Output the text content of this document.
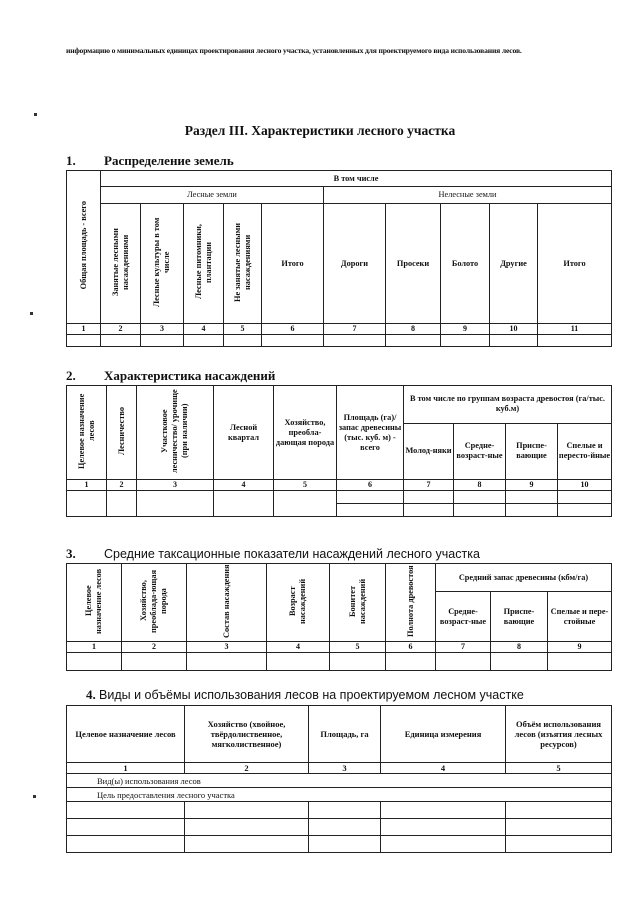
информацию о минимальных единицах проектирования лесного участка, установленных для проектируемого вида использования лесов.
Раздел III. Характеристики лесного участка
1. Распределение земель
Общая площадь - всего	В том числе									
	Лесные земли					Нелесные земли				
	Занятые лесными насаждениями	Лесные культуры в том числе	Лесные питомники, плантации	Не занятые лесными насаждениями	Итого	Дороги	Просеки	Болото	Другие	Итого
1	2	3	4	5	6	7	8	9	10	11

2. Характеристика насаждений
Целевое назначение лесов	Лесничество	Участковое лесничество/ урочище (при наличии)	Лесной квартал	Хозяйство, преобла-дающая порода	Площадь (га)/запас древесины (тыс. куб. м) - всего	В том числе по группам возраста древостоя (га/тыс. куб.м)			
						Молод-няки	Средне-возраст-ные	Приспе-вающие	Спелые и пересто-йные
1	2	3	4	5	6	7	8	9	10

3. Средние таксационные показатели насаждений лесного участка
Целевое назначение лесов	Хозяйство, преоблада-ющая порода	Состав насаждения	Возраст насаждений	Бонитет насаждений	Полнота древостоя	Средний запас древесины (кбм/га)		
						Средне-возраст-ные	Приспе-вающие	Спелые и пере-стойные
1	2	3	4	5	6	7	8	9

4. Виды и объёмы использования лесов на проектируемом лесном участке
Целевое назначение лесов	Хозяйство (хвойное, твёрдолиственное, мягколиственное)	Площадь, га	Единица измерения	Объём использования лесов (изъятия лесных ресурсов)
1	2	3	4	5
Вид(ы) использования лесов				
Цель предоставления лесного участка				
